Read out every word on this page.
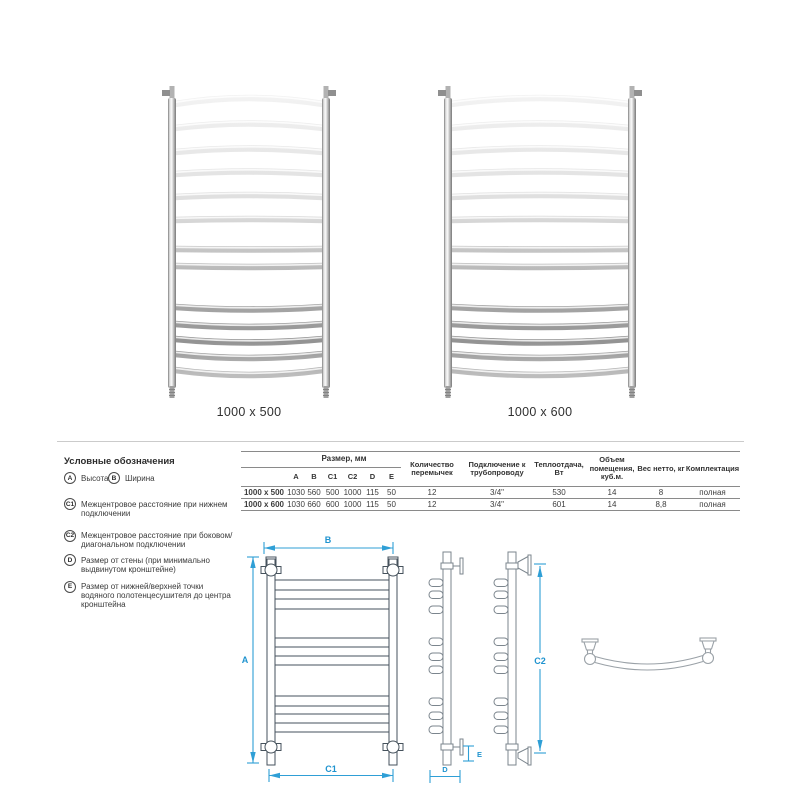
1000 x 500	1000 x 600
Условные обозначения
A	Высота B	Ширина
C1 Межцентровое расстояние при нижнем подключении
C2 Межцентровое расстояние при боковом/диагональном подключении
D	Размер от стены (при минимально выдвинутом кронштейне)
E	Размер от нижней/верхней точки водяного полотенцесушителя до центра кронштейна
	Размер, мм						Количество перемычек	Подключение к трубопроводу	Теплоотдача, Вт	Объем помещения, куб.м.	Вес нетто, кг	Комплектация
	A	B	C1	C2	D	E						
1000 x 500	1030	560	500	1000	115	50	12	3/4"	530	14	8	полная
1000 x 600	1030	660	600	1000	115	50	12	3/4"	601	14	8,8	полная
B
A
C1
E
D
C2
